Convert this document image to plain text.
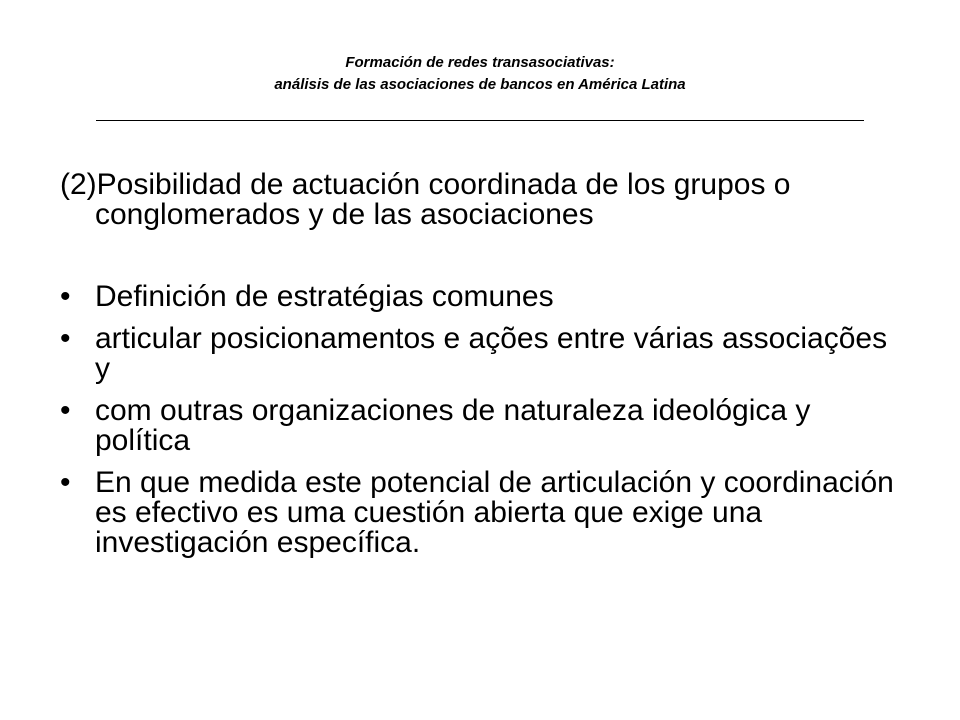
Formación de redes transasociativas:
análisis de las asociaciones de bancos en América Latina

(2)Posibilidad de actuación coordinada de los grupos o conglomerados y de las asociaciones

• Definición de estratégias comunes
• articular posicionamentos e ações entre várias associações y
• com outras organizaciones de naturaleza ideológica y política
• En que medida este potencial de articulación y coordinación es efectivo es uma cuestión abierta que exige una investigación específica.
